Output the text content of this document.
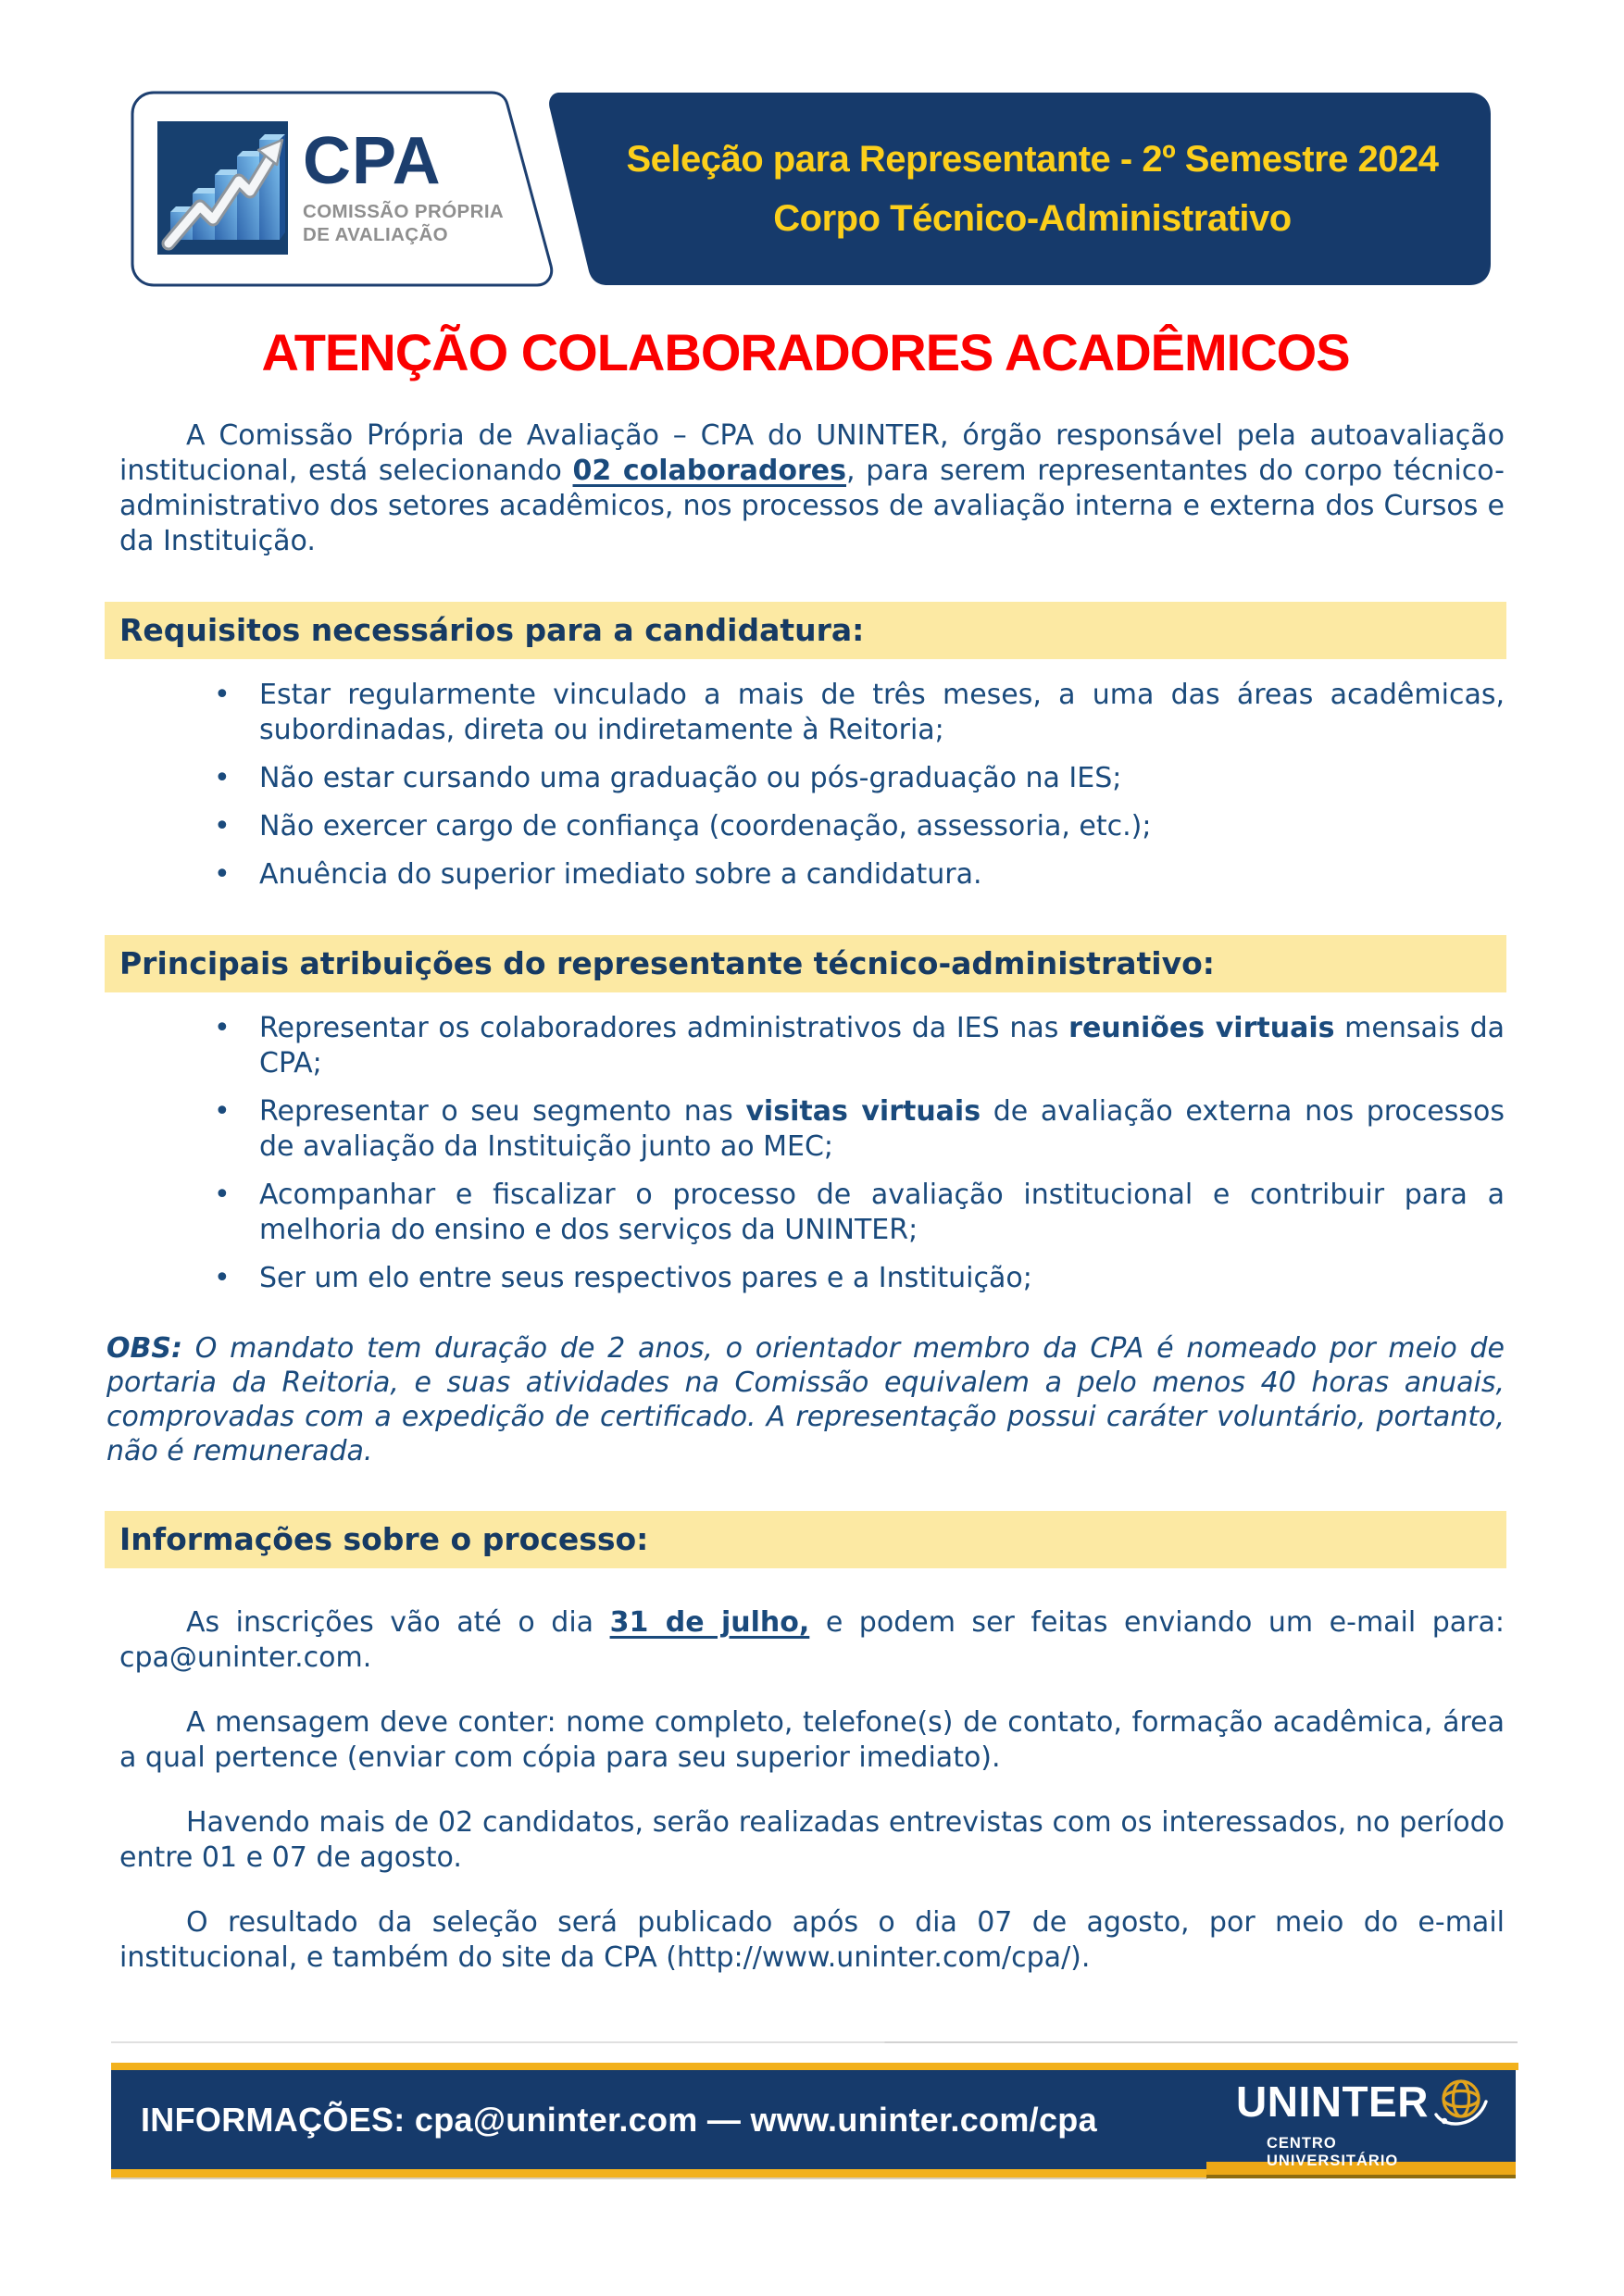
CPA
COMISSÃO PRÓPRIA
DE AVALIAÇÃO
Seleção para Representante - 2º Semestre 2024
Corpo Técnico-Administrativo
ATENÇÃO COLABORADORES ACADÊMICOS

A Comissão Própria de Avaliação – CPA do UNINTER, órgão responsável pela autoavaliação institucional, está selecionando 02 colaboradores, para serem representantes do corpo técnico-administrativo dos setores acadêmicos, nos processos de avaliação interna e externa dos Cursos e da Instituição.

Requisitos necessários para a candidatura:
• Estar regularmente vinculado a mais de três meses, a uma das áreas acadêmicas, subordinadas, direta ou indiretamente à Reitoria;
• Não estar cursando uma graduação ou pós-graduação na IES;
• Não exercer cargo de confiança (coordenação, assessoria, etc.);
• Anuência do superior imediato sobre a candidatura.
Principais atribuições do representante técnico-administrativo:
• Representar os colaboradores administrativos da IES nas reuniões virtuais mensais da CPA;
• Representar o seu segmento nas visitas virtuais de avaliação externa nos processos de avaliação da Instituição junto ao MEC;
• Acompanhar e fiscalizar o processo de avaliação institucional e contribuir para a melhoria do ensino e dos serviços da UNINTER;
• Ser um elo entre seus respectivos pares e a Instituição;

OBS: O mandato tem duração de 2 anos, o orientador membro da CPA é nomeado por meio de portaria da Reitoria, e suas atividades na Comissão equivalem a pelo menos 40 horas anuais, comprovadas com a expedição de certificado. A representação possui caráter voluntário, portanto, não é remunerada.

Informações sobre o processo:

As inscrições vão até o dia 31 de julho, e podem ser feitas enviando um e-mail para: cpa@uninter.com.

A mensagem deve conter: nome completo, telefone(s) de contato, formação acadêmica, área a qual pertence (enviar com cópia para seu superior imediato).

Havendo mais de 02 candidatos, serão realizadas entrevistas com os interessados, no período entre 01 e 07 de agosto.

O resultado da seleção será publicado após o dia 07 de agosto, por meio do e-mail institucional, e também do site da CPA (http://www.uninter.com/cpa/).

INFORMAÇÕES: cpa@uninter.com — www.uninter.com/cpa	UNINTER
CENTRO
UNIVERSITÁRIO
